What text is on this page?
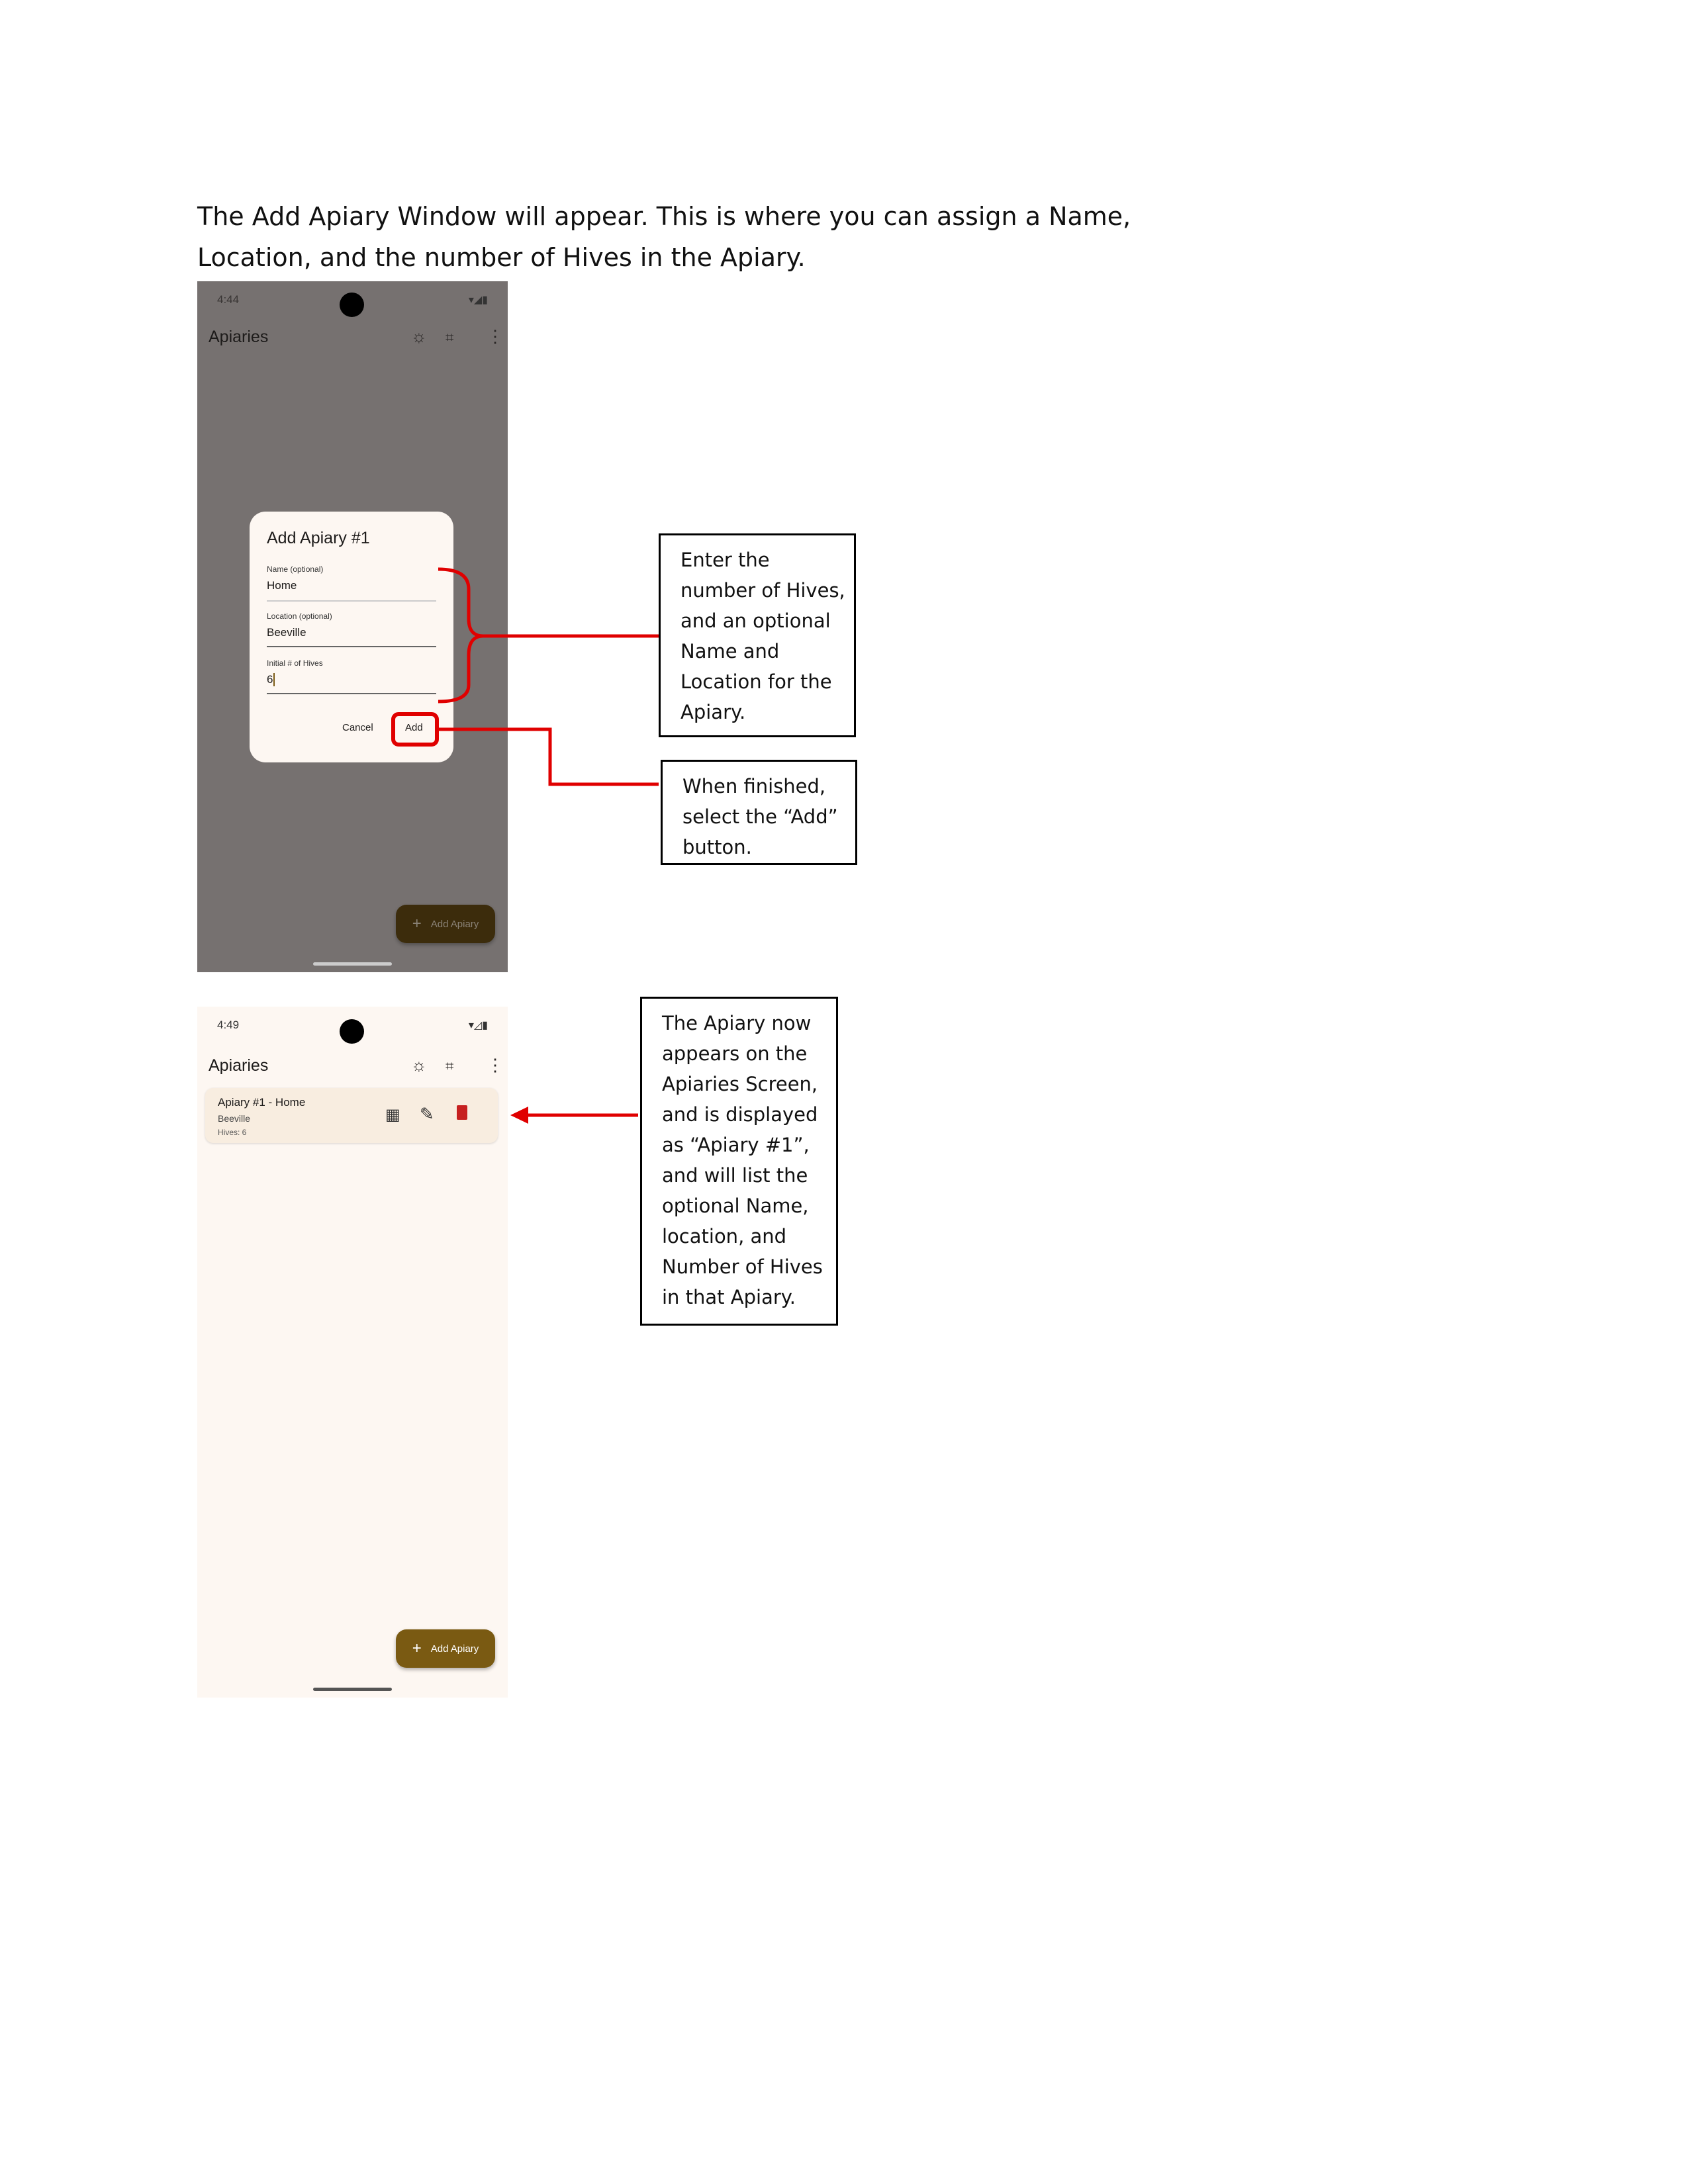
The Add Apiary Window will appear. This is where you can assign a Name,
Location, and the number of Hives in the Apiary.
4:44	▾◢▮
Apiaries	☼ ⌗ ⋮
Add Apiary #1
Name (optional)
Home
Location (optional)
Beeville
Initial # of Hives
6
Cancel	Add
+ Add Apiary
4:49	▾◿▮
Apiaries	☼ ⌗ ⋮
Apiary #1 - Home
Beeville
Hives: 6
▦ ✎
+ Add Apiary
Enter the
number of Hives,
and an optional
Name and
Location for the
Apiary.
When finished,
select the “Add”
button.
The Apiary now
appears on the
Apiaries Screen,
and is displayed
as “Apiary #1”,
and will list the
optional Name,
location, and
Number of Hives
in that Apiary.
